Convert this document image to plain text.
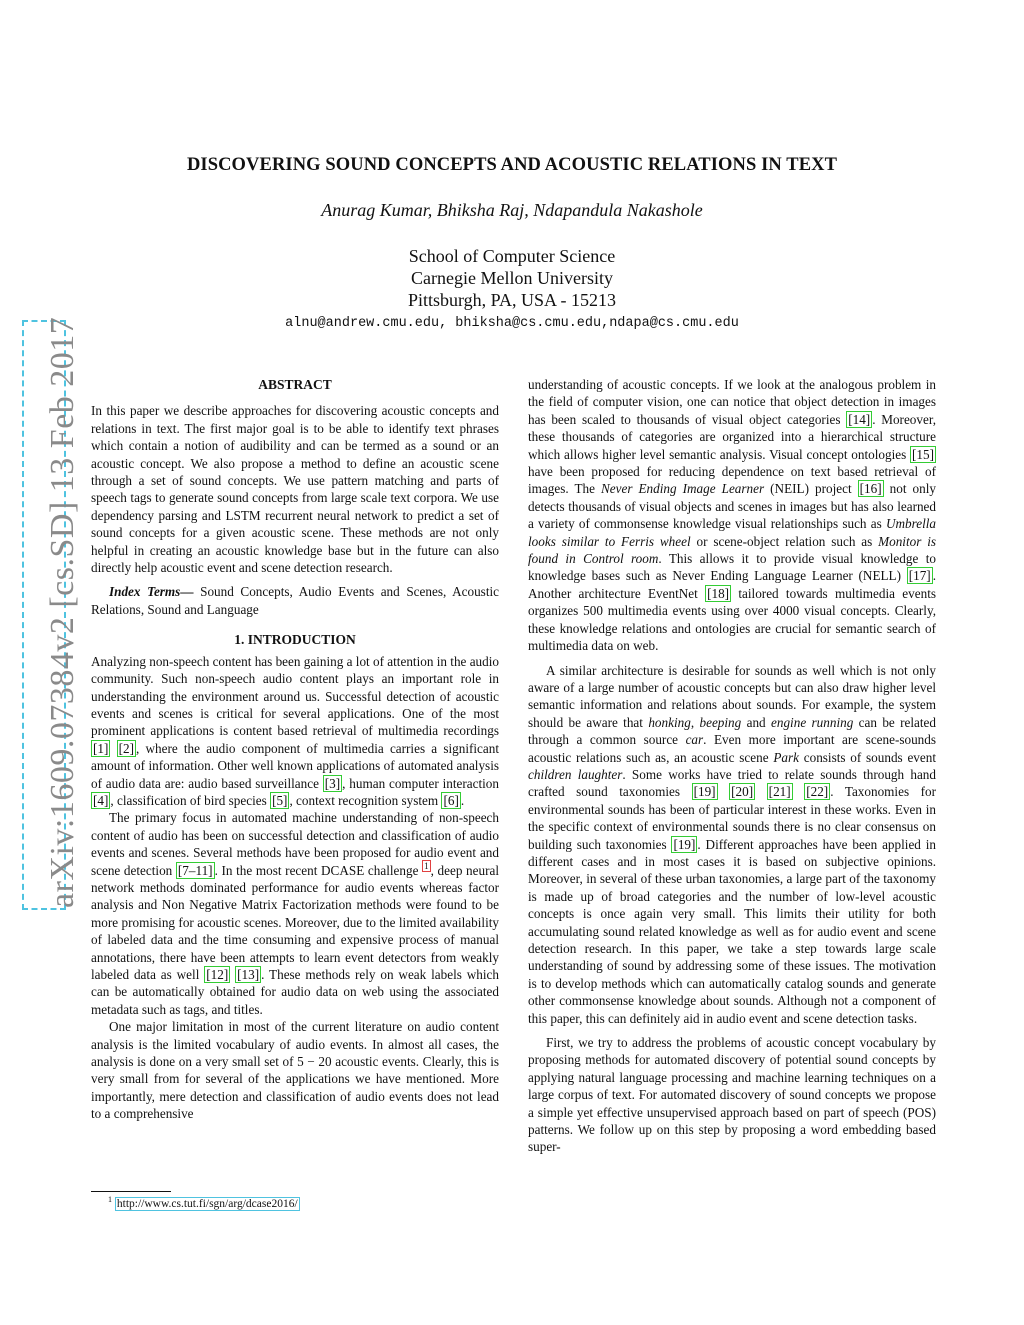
arXiv:1609.07384v2 [cs.SD] 13 Feb 2017
DISCOVERING SOUND CONCEPTS AND ACOUSTIC RELATIONS IN TEXT
Anurag Kumar, Bhiksha Raj, Ndapandula Nakashole
School of Computer Science
Carnegie Mellon University
Pittsburgh, PA, USA - 15213
alnu@andrew.cmu.edu, bhiksha@cs.cmu.edu,ndapa@cs.cmu.edu
ABSTRACT

In this paper we describe approaches for discovering acoustic concepts and relations in text. The first major goal is to be able to identify text phrases which contain a notion of audibility and can be termed as a sound or an acoustic concept. We also propose a method to define an acoustic scene through a set of sound concepts. We use pattern matching and parts of speech tags to generate sound concepts from large scale text corpora. We use dependency parsing and LSTM recurrent neural network to predict a set of sound concepts for a given acoustic scene. These methods are not only helpful in creating an acoustic knowledge base but in the future can also directly help acoustic event and scene detection research.

Index Terms— Sound Concepts, Audio Events and Scenes, Acoustic Relations, Sound and Language

1. INTRODUCTION

Analyzing non-speech content has been gaining a lot of attention in the audio community. Such non-speech audio content plays an important role in understanding the environment around us. Successful detection of acoustic events and scenes is critical for several applications. One of the most prominent applications is content based retrieval of multimedia recordings [1] [2] , where the audio component of multimedia carries a significant amount of information. Other well known applications of automated analysis of audio data are: audio based surveillance [3] , human computer interaction [4] , classification of bird species [5] , context recognition system [6] .

The primary focus in automated machine understanding of non-speech content of audio has been on successful detection and classification of audio events and scenes. Several methods have been proposed for audio event and scene detection [7–11] . In the most recent DCASE challenge $^1$ , deep neural network methods dominated performance for audio events whereas factor analysis and Non Negative Matrix Factorization methods were found to be more promising for acoustic scenes. Moreover, due to the limited availability of labeled data and the time consuming and expensive process of manual annotations, there have been attempts to learn event detectors from weakly labeled data as well [12] [13] . These methods rely on weak labels which can be automatically obtained for audio data on web using the associated metadata such as tags, and titles.

One major limitation in most of the current literature on audio content analysis is the limited vocabulary of audio events. In almost all cases, the analysis is done on a very small set of 5 − 20 acoustic events. Clearly, this is very small from for several of the applications we have mentioned. More importantly, mere detection and classification of audio events does not lead to a comprehensive

$^1$ http://www.cs.tut.fi/sgn/arg/dcase2016/

understanding of acoustic concepts. If we look at the analogous problem in the field of computer vision, one can notice that object detection in images has been scaled to thousands of visual object categories [14] . Moreover, these thousands of categories are organized into a hierarchical structure which allows higher level semantic analysis. Visual concept ontologies [15] have been proposed for reducing dependence on text based retrieval of images. The Never Ending Image Learner (NEIL) project [16] not only detects thousands of visual objects and scenes in images but has also learned a variety of commonsense knowledge visual relationships such as Umbrella looks similar to Ferris wheel or scene-object relation such as Monitor is found in Control room. This allows it to provide visual knowledge to knowledge bases such as Never Ending Language Learner (NELL) [17] . Another architecture EventNet [18] tailored towards multimedia events organizes 500 multimedia events using over 4000 visual concepts. Clearly, these knowledge relations and ontologies are crucial for semantic search of multimedia data on web.

A similar architecture is desirable for sounds as well which is not only aware of a large number of acoustic concepts but can also draw higher level semantic information and relations about sounds. For example, the system should be aware that honking, beeping and engine running can be related through a common source car. Even more important are scene-sounds acoustic relations such as, an acoustic scene Park consists of sounds event children laughter. Some works have tried to relate sounds through hand crafted sound taxonomies [19] [20] [21] [22] . Taxonomies for environmental sounds has been of particular interest in these works. Even in the specific context of environmental sounds there is no clear consensus on building such taxonomies [19] . Different approaches have been applied in different cases and in most cases it is based on subjective opinions. Moreover, in several of these urban taxonomies, a large part of the taxonomy is made up of broad categories and the number of low-level acoustic concepts is once again very small. This limits their utility for both accumulating sound related knowledge as well as for audio event and scene detection research. In this paper, we take a step towards large scale understanding of sound by addressing some of these issues. The motivation is to develop methods which can automatically catalog sounds and generate other commonsense knowledge about sounds. Although not a component of this paper, this can definitely aid in audio event and scene detection tasks.

First, we try to address the problems of acoustic concept vocabulary by proposing methods for automated discovery of potential sound concepts by applying natural language processing and machine learning techniques on a large corpus of text. For automated discovery of sound concepts we propose a simple yet effective unsupervised approach based on part of speech (POS) patterns. We follow up on this step by proposing a word embedding based super-
